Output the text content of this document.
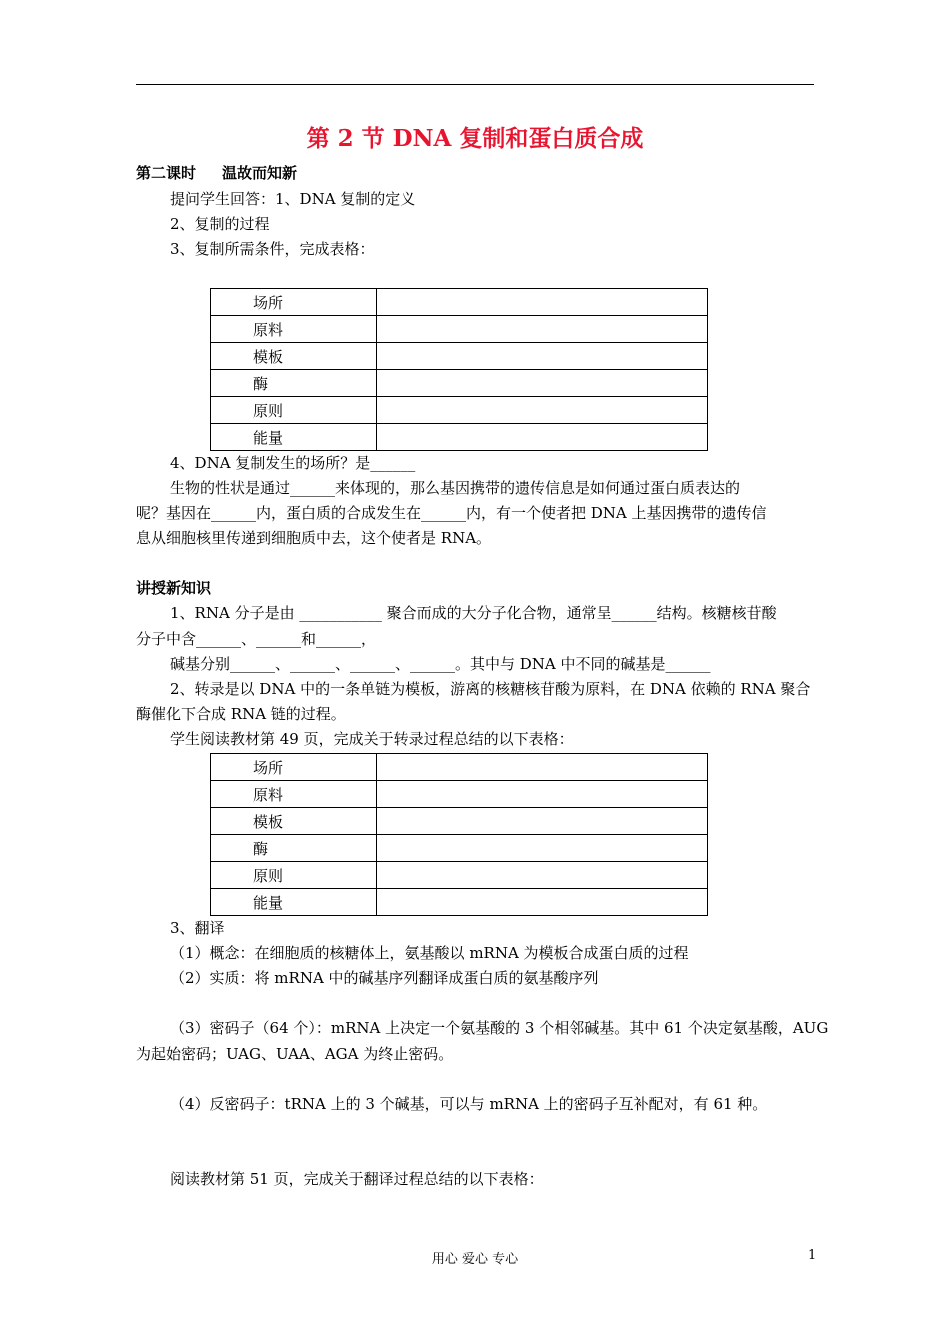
第 2 节 DNA 复制和蛋白质合成
第二课时 温故而知新
提问学生回答：1、DNA 复制的定义
2、复制的过程
3、复制所需条件，完成表格：
场所	
原料	
模板	
酶	
原则	
能量	
4、DNA 复制发生的场所？是______
生物的性状是通过______来体现的，那么基因携带的遗传信息是如何通过蛋白质表达的
呢？基因在______内，蛋白质的合成发生在______内，有一个使者把 DNA 上基因携带的遗传信
息从细胞核里传递到细胞质中去，这个使者是 RNA。
讲授新知识
1、RNA 分子是由 ___________ 聚合而成的大分子化合物，通常呈______结构。核糖核苷酸
分子中含______、______和______，
碱基分别______、______、______、______。其中与 DNA 中不同的碱基是______
2、转录是以 DNA 中的一条单链为模板，游离的核糖核苷酸为原料，在 DNA 依赖的 RNA 聚合
酶催化下合成 RNA 链的过程。
学生阅读教材第 49 页，完成关于转录过程总结的以下表格：
场所	
原料	
模板	
酶	
原则	
能量	
3、翻译
（1）概念：在细胞质的核糖体上，氨基酸以 mRNA 为模板合成蛋白质的过程
（2）实质：将 mRNA 中的碱基序列翻译成蛋白质的氨基酸序列
（3）密码子（64 个）：mRNA 上决定一个氨基酸的 3 个相邻碱基。其中 61 个决定氨基酸，AUG
为起始密码；UAG、UAA、AGA 为终止密码。
（4）反密码子：tRNA 上的 3 个碱基，可以与 mRNA 上的密码子互补配对，有 61 种。
阅读教材第 51 页，完成关于翻译过程总结的以下表格：
用心 爱心 专心	1
